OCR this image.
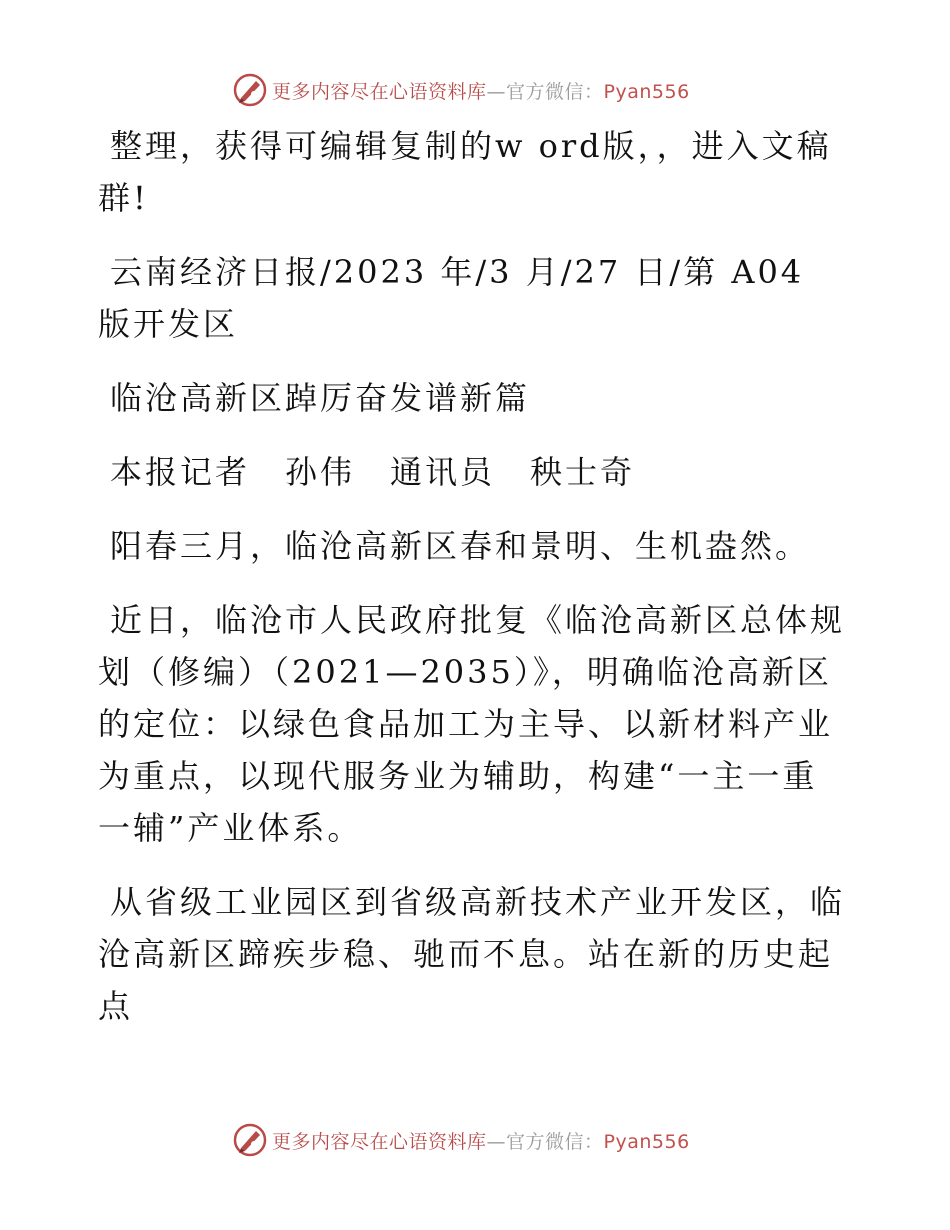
更多内容尽在心语资料库—官方微信：Pyan556

整理，获得可编辑复制的w ord版，，进入文稿群!

云南经济日报/2023 年/3 月/27 日/第 A04 版开发区

临沧高新区踔厉奋发谱新篇

本报记者　孙伟　通讯员　秧士奇

阳春三月，临沧高新区春和景明、生机盎然。

近日，临沧市人民政府批复《临沧高新区总体规划（修编）（2021—2035）》，明确临沧高新区的定位：以绿色食品加工为主导、以新材料产业为重点，以现代服务业为辅助，构建“一主一重一辅”产业体系。

从省级工业园区到省级高新技术产业开发区，临沧高新区蹄疾步稳、驰而不息。站在新的历史起点

更多内容尽在心语资料库—官方微信：Pyan556
